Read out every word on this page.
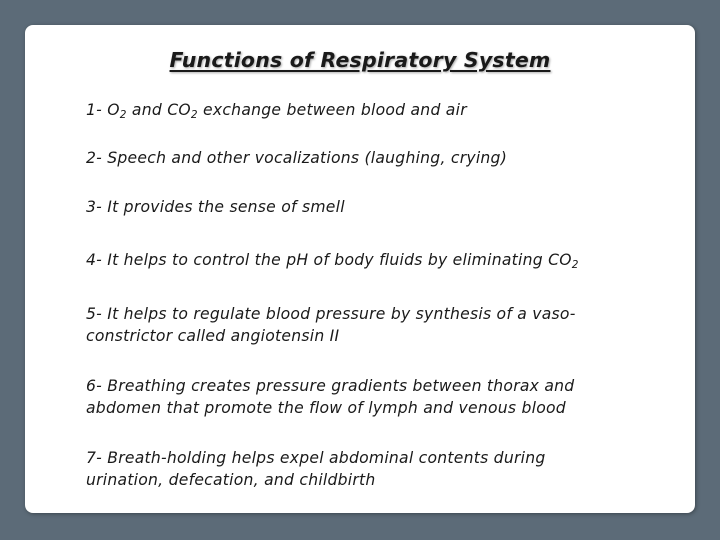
Functions of Respiratory System
1- $O_2$ and $CO_2$ exchange between blood and air
2- Speech and other vocalizations (laughing, crying)
3- It provides the sense of smell
4- It helps to control the pH of body fluids by eliminating $CO_2$
5- It helps to regulate blood pressure by synthesis of a vaso-
constrictor called angiotensin II
6- Breathing creates pressure gradients between thorax and
abdomen that promote the flow of lymph and venous blood
7- Breath-holding helps expel abdominal contents during
urination, defecation, and childbirth
